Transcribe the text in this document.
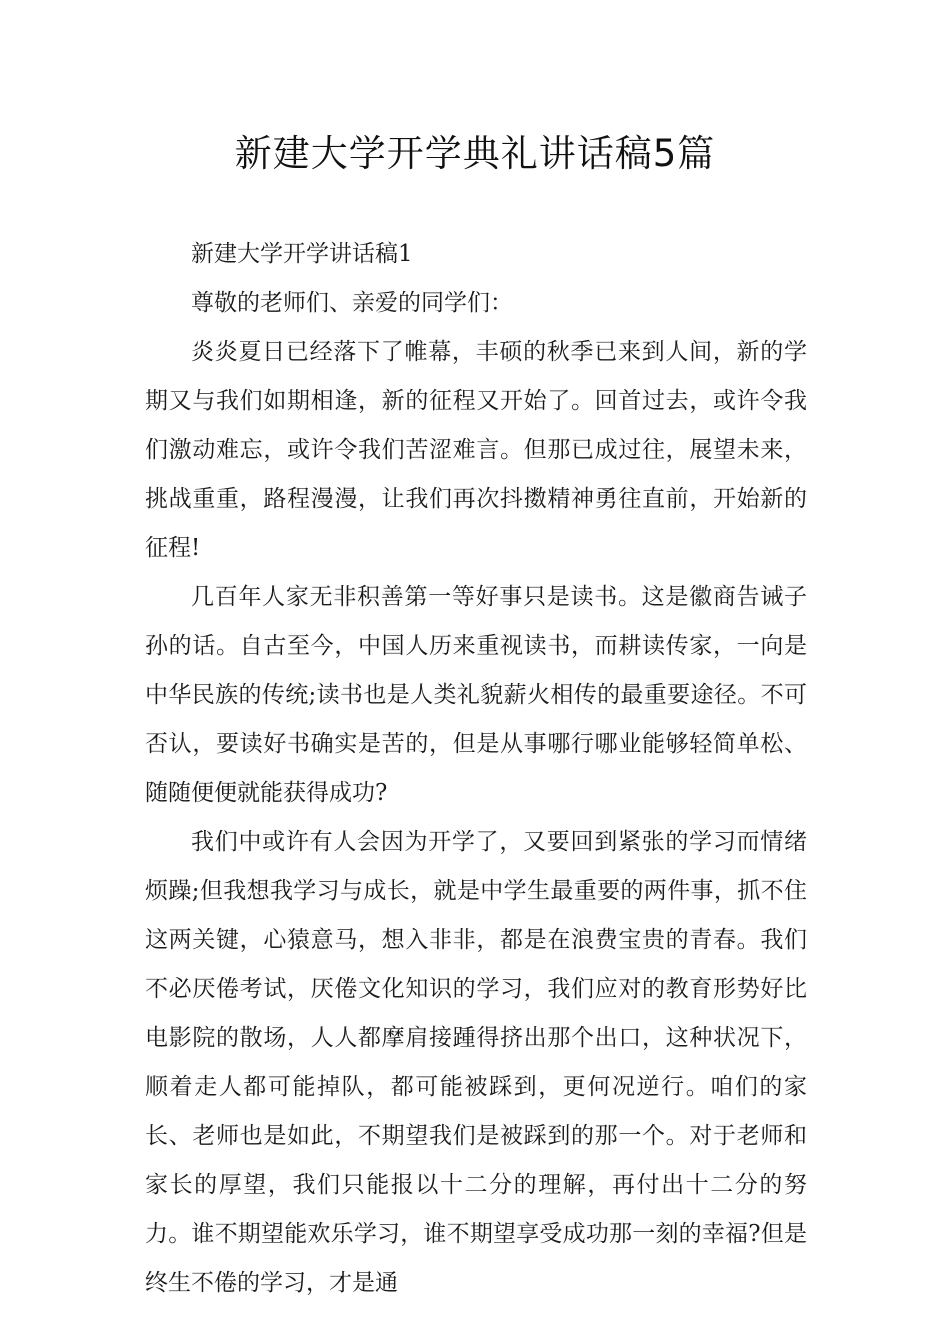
新建大学开学典礼讲话稿5篇

新建大学开学讲话稿1

尊敬的老师们、亲爱的同学们：

炎炎夏日已经落下了帷幕，丰硕的秋季已来到人间，新的学期又与我们如期相逢，新的征程又开始了。回首过去，或许令我们激动难忘，或许令我们苦涩难言。但那已成过往，展望未来，挑战重重，路程漫漫，让我们再次抖擞精神勇往直前，开始新的征程!

几百年人家无非积善第一等好事只是读书。这是徽商告诫子孙的话。自古至今，中国人历来重视读书，而耕读传家，一向是中华民族的传统;读书也是人类礼貌薪火相传的最重要途径。不可否认，要读好书确实是苦的，但是从事哪行哪业能够轻简单松、随随便便就能获得成功?

我们中或许有人会因为开学了，又要回到紧张的学习而情绪烦躁;但我想我学习与成长，就是中学生最重要的两件事，抓不住这两关键，心猿意马，想入非非，都是在浪费宝贵的青春。我们不必厌倦考试，厌倦文化知识的学习，我们应对的教育形势好比电影院的散场，人人都摩肩接踵得挤出那个出口，这种状况下，顺着走人都可能掉队，都可能被踩到，更何况逆行。咱们的家长、老师也是如此，不期望我们是被踩到的那一个。对于老师和家长的厚望，我们只能报以十二分的理解，再付出十二分的努力。谁不期望能欢乐学习，谁不期望享受成功那一刻的幸福?但是终生不倦的学习，才是通
